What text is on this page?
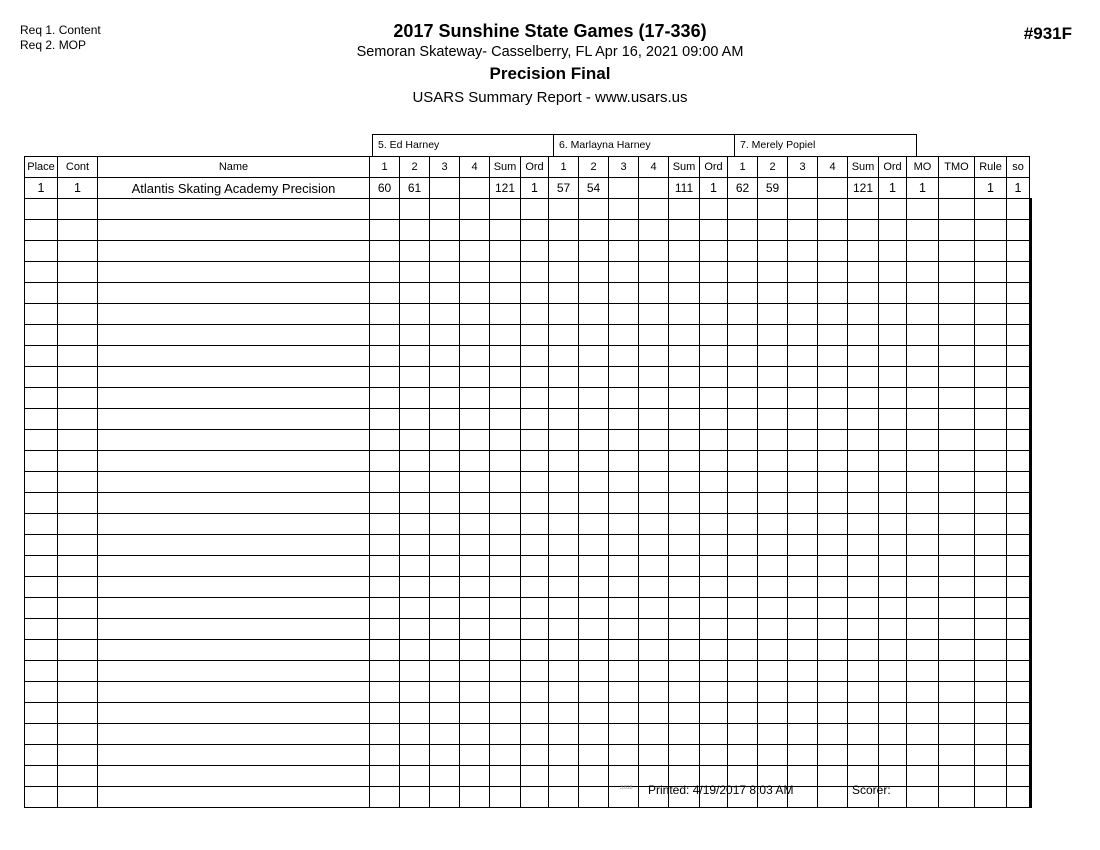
Req 1. Content
Req 2. MOP
2017 Sunshine State Games (17-336)
Semoran Skateway- Casselberry, FL Apr 16, 2021 09:00 AM
Precision Final
USARS Summary Report - www.usars.us
#931F
5. Ed Harney	6. Marlayna Harney	7. Merely Popiel
Place	Cont	Name	1	2	3	4	Sum	Ord	1	2	3	4	Sum	Ord	1	2	3	4	Sum	Ord	MO	TMO	Rule	so	
1	1	Atlantis Skating Academy Precision	60	61			121	1	57	54			111	1	62	59			121	1	1		1	1	

3.818 Printed: 4/19/2017 8:03 AM	Scorer:
